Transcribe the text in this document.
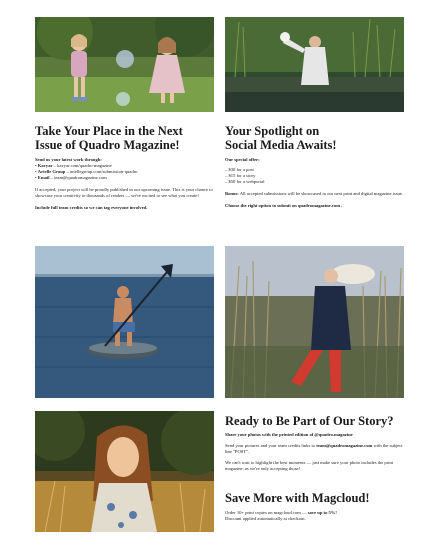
Take Your Place in the Next
Issue of Quadro Magazine!
Send us your latest work through:
• Kavyar – kavyar.com/quadro-magazine
• Artelle Group – artellegroup.com/submission-quadro
• Email – team@quadromagazine.com
If accepted, your project will be proudly published in our upcoming issue. This is your chance to showcase your creativity to thousands of readers — we're excited to see what you create!
Include full team credits so we can tag everyone involved.
Your Spotlight on
Social Media Awaits!
Our special offer:
– $30 for a post
– $15 for a story
– $50 for a webportal
Bonus: All accepted submissions will be showcased in our next print and digital magazine issue.
Choose the right option to submit on quadromagazine.com .
Ready to Be Part of Our Story?
Share your photos with the printed edition of @quadro.magazine
Send your pictures and your team credits links to team@quadromagazine.com with the subject line "POST".
We can't wait to highlight the best moments — just make sure your photo includes the print magazine, as we're only accepting those!
Save More with Magcloud!
Order 10+ print copies on magcloud.com — save up to 5%!
Discount applied automatically at checkout.
